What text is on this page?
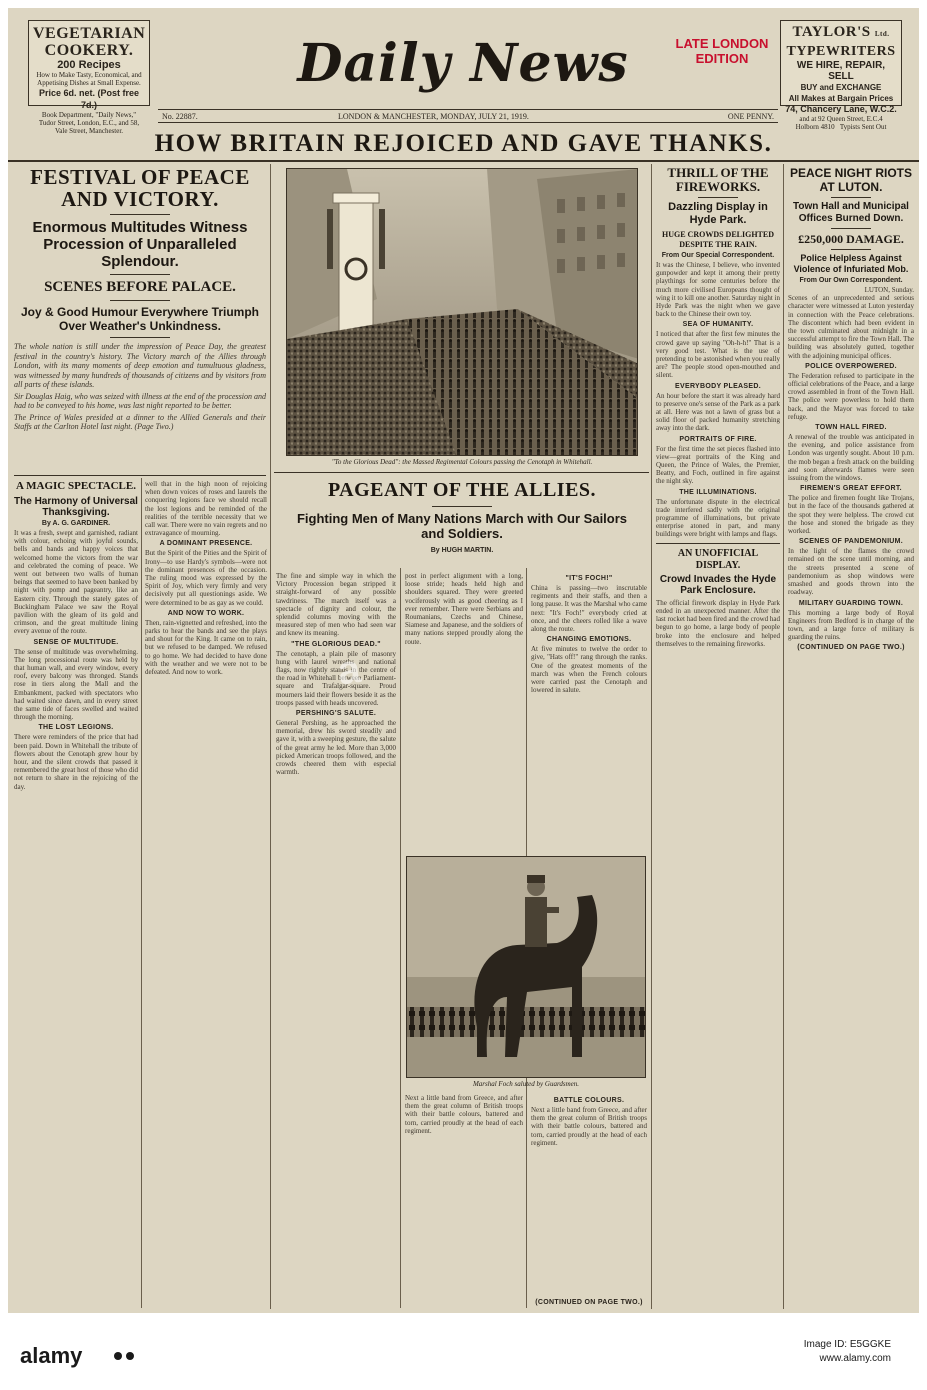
VEGETARIAN COOKERY.
200 Recipes
How to Make Tasty, Economical, and Appetising Dishes at Small Expense.
Price 6d. net. (Post free 7d.)
Book Department, "Daily News,"
Tudor Street, London, E.C., and 58, Vale Street, Manchester.
Daily News	LATE LONDON
EDITION
TAYLOR'S Ltd.
TYPEWRITERS
WE HIRE, REPAIR, SELL
BUY and EXCHANGE
All Makes at Bargain Prices
74, Chancery Lane, W.C.2.
and at 92 Queen Street, E.C.4
Holborn 4810 Typists Sent Out
No. 22887.	LONDON & MANCHESTER, MONDAY, JULY 21, 1919.	ONE PENNY.
HOW BRITAIN REJOICED AND GAVE THANKS.
FESTIVAL OF PEACE AND VICTORY.
Enormous Multitudes Witness Procession of Unparalleled Splendour.
SCENES BEFORE PALACE.
Joy & Good Humour Everywhere Triumph Over Weather's Unkindness.

The whole nation is still under the impression of Peace Day, the greatest festival in the country's history. The Victory march of the Allies through London, with its many moments of deep emotion and tumultuous gladness, was witnessed by many hundreds of thousands of citizens and by visitors from all parts of these islands.

Sir Douglas Haig, who was seized with illness at the end of the procession and had to be conveyed to his home, was last night reported to be better.

The Prince of Wales presided at a dinner to the Allied Generals and their Staffs at the Carlton Hotel last night. (Page Two.)

A MAGIC SPECTACLE.
The Harmony of Universal Thanksgiving.
By A. G. GARDINER.

It was a fresh, swept and garnished, radiant with colour, echoing with joyful sounds, bells and bands and happy voices that welcomed home the victors from the war and celebrated the coming of peace. We went out between two walls of human beings that seemed to have been banked by night with pomp and pageantry, like an Eastern city. Through the stately gates of Buckingham Palace we saw the Royal pavilion with the gleam of its gold and crimson, and the great multitude lining every avenue of the route.

SENSE OF MULTITUDE.

The sense of multitude was overwhelming. The long processional route was held by that human wall, and every window, every roof, every balcony was thronged. Stands rose in tiers along the Mall and the Embankment, packed with spectators who had waited since dawn, and in every street the same tide of faces swelled and waited through the morning.

THE LOST LEGIONS.

There were reminders of the price that had been paid. Down in Whitehall the tribute of flowers about the Cenotaph grew hour by hour, and the silent crowds that passed it remembered the great host of those who did not return to share in the rejoicing of the day.

well that in the high noon of rejoicing when down voices of roses and laurels the conquering legions face we should recall the lost legions and be reminded of the realities of the terrible necessity that we call war. There were no vain regrets and no extravagance of mourning.

A DOMINANT PRESENCE.

But the Spirit of the Pities and the Spirit of Irony—to use Hardy's symbols—were not the dominant presences of the occasion. The ruling mood was expressed by the Spirit of Joy, which very firmly and very decisively put all questionings aside. We were determined to be as gay as we could.

AND NOW TO WORK.

Then, rain-vignetted and refreshed, into the parks to hear the bands and see the plays and shout for the King. It came on to rain, but we refused to be damped. We refused to go home. We had decided to have done with the weather and we were not to be defeated. And now to work.

"To the Glorious Dead": the Massed Regimental Colours passing the Cenotaph in Whitehall.
PAGEANT OF THE ALLIES.
Fighting Men of Many Nations March with Our Sailors and Soldiers.
By HUGH MARTIN.

The fine and simple way in which the Victory Procession began stripped it straight-forward of any possible tawdriness. The march itself was a spectacle of dignity and colour, the splendid columns moving with the measured step of men who had seen war and knew its meaning.

"THE GLORIOUS DEAD."

The cenotaph, a plain pile of masonry hung with laurel wreaths and national flags, now rightly stands in the centre of the road in Whitehall between Parliament-square and Trafalgar-square. Proud mourners laid their flowers beside it as the troops passed with heads uncovered.

PERSHING'S SALUTE.

General Pershing, as he approached the memorial, drew his sword steadily and gave it, with a sweeping gesture, the salute of the great army he led. More than 3,000 picked American troops followed, and the crowds cheered them with especial warmth.

post in perfect alignment with a long, loose stride; heads held high and shoulders squared. They were greeted vociferously with as good cheering as I ever remember. There were Serbians and Roumanians, Czechs and Chinese, Siamese and Japanese, and the soldiers of many nations stepped proudly along the route.

"IT'S FOCH!"

China is passing—two inscrutable regiments and their staffs, and then a long pause. It was the Marshal who came next: "It's Foch!" everybody cried at once, and the cheers rolled like a wave along the route.

CHANGING EMOTIONS.

At five minutes to twelve the order to give, "Hats off!" rang through the ranks. One of the greatest moments of the march was when the French colours were carried past the Cenotaph and lowered in salute.

Marshal Foch saluted by Guardsmen.

Next a little band from Greece, and after them the great column of British troops with their battle colours, battered and torn, carried proudly at the head of each regiment.

BATTLE COLOURS.

Next a little band from Greece, and after them the great column of British troops with their battle colours, battered and torn, carried proudly at the head of each regiment.

(CONTINUED ON PAGE TWO.)
THRILL OF THE FIREWORKS.
Dazzling Display in Hyde Park.
HUGE CROWDS DELIGHTED DESPITE THE RAIN.
From Our Special Correspondent.

It was the Chinese, I believe, who invented gunpowder and kept it among their pretty playthings for some centuries before the much more civilised Europeans thought of wing it to kill one another. Saturday night in Hyde Park was the night when we gave back to the Chinese their own toy.

SEA OF HUMANITY.

I noticed that after the first few minutes the crowd gave up saying "Oh-h-h!" That is a very good test. What is the use of pretending to be astonished when you really are? The people stood open-mouthed and silent.

EVERYBODY PLEASED.

An hour before the start it was already hard to preserve one's sense of the Park as a park at all. Here was not a lawn of grass but a solid floor of packed humanity stretching away into the dark.

PORTRAITS OF FIRE.

For the first time the set pieces flashed into view—great portraits of the King and Queen, the Prince of Wales, the Premier, Beatty, and Foch, outlined in fire against the night sky.

THE ILLUMINATIONS.

The unfortunate dispute in the electrical trade interfered sadly with the original programme of illuminations, but private enterprise atoned in part, and many buildings were bright with lamps and flags.

AN UNOFFICIAL DISPLAY.
Crowd Invades the Hyde Park Enclosure.

The official firework display in Hyde Park ended in an unexpected manner. After the last rocket had been fired and the crowd had begun to go home, a large body of people broke into the enclosure and helped themselves to the remaining fireworks.

PEACE NIGHT RIOTS AT LUTON.
Town Hall and Municipal Offices Burned Down.
£250,000 DAMAGE.
Police Helpless Against Violence of Infuriated Mob.
From Our Own Correspondent.
LUTON, Sunday.

Scenes of an unprecedented and serious character were witnessed at Luton yesterday in connection with the Peace celebrations. The discontent which had been evident in the town culminated about midnight in a successful attempt to fire the Town Hall. The building was absolutely gutted, together with the adjoining municipal offices.

POLICE OVERPOWERED.

The Federation refused to participate in the official celebrations of the Peace, and a large crowd assembled in front of the Town Hall. The police were powerless to hold them back, and the Mayor was forced to take refuge.

TOWN HALL FIRED.

A renewal of the trouble was anticipated in the evening, and police assistance from London was urgently sought. About 10 p.m. the mob began a fresh attack on the building and soon afterwards flames were seen issuing from the windows.

FIREMEN'S GREAT EFFORT.

The police and firemen fought like Trojans, but in the face of the thousands gathered at the spot they were helpless. The crowd cut the hose and stoned the brigade as they worked.

SCENES OF PANDEMONIUM.

In the light of the flames the crowd remained on the scene until morning, and the streets presented a scene of pandemonium as shop windows were smashed and goods thrown into the roadway.

MILITARY GUARDING TOWN.

This morning a large body of Royal Engineers from Bedford is in charge of the town, and a large force of military is guarding the ruins.

(CONTINUED ON PAGE TWO.)
a
alamy	Image ID: E5GGKE
www.alamy.com
